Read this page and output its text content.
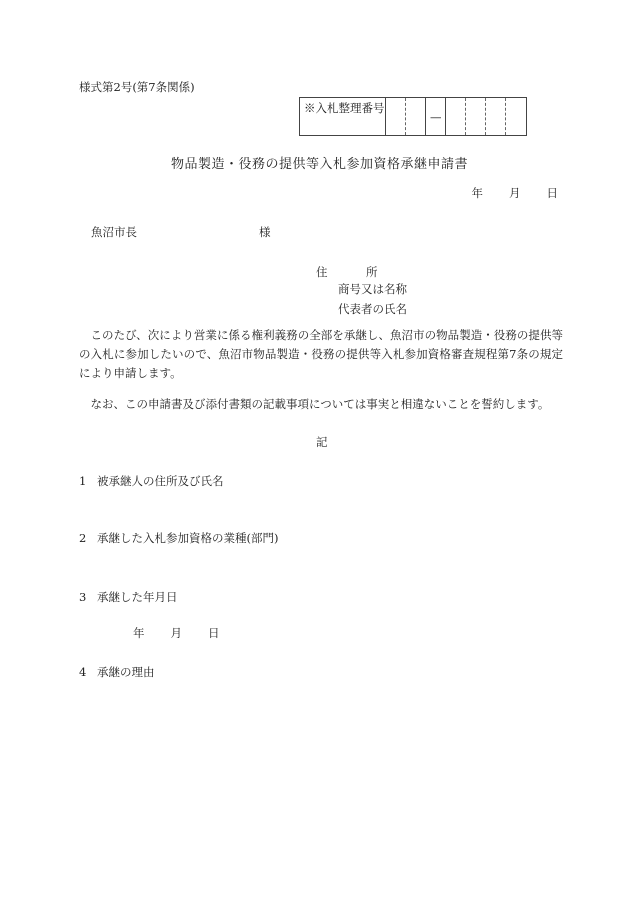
様式第2号(第7条関係)
※入札整理番号
—
物品製造・役務の提供等入札参加資格承継申請書
年 月 日
魚沼市長	様
住	所
商号又は名称
代表者の氏名
このたび、次により営業に係る権利義務の全部を承継し、魚沼市の物品製造・役務の提供等の入札に参加したいので、魚沼市物品製造・役務の提供等入札参加資格審査規程第7条の規定により申請します。
なお、この申請書及び添付書類の記載事項については事実と相違ないことを誓約します。
記
1 被承継人の住所及び氏名
2 承継した入札参加資格の業種(部門)
3 承継した年月日
年 月 日
4 承継の理由
